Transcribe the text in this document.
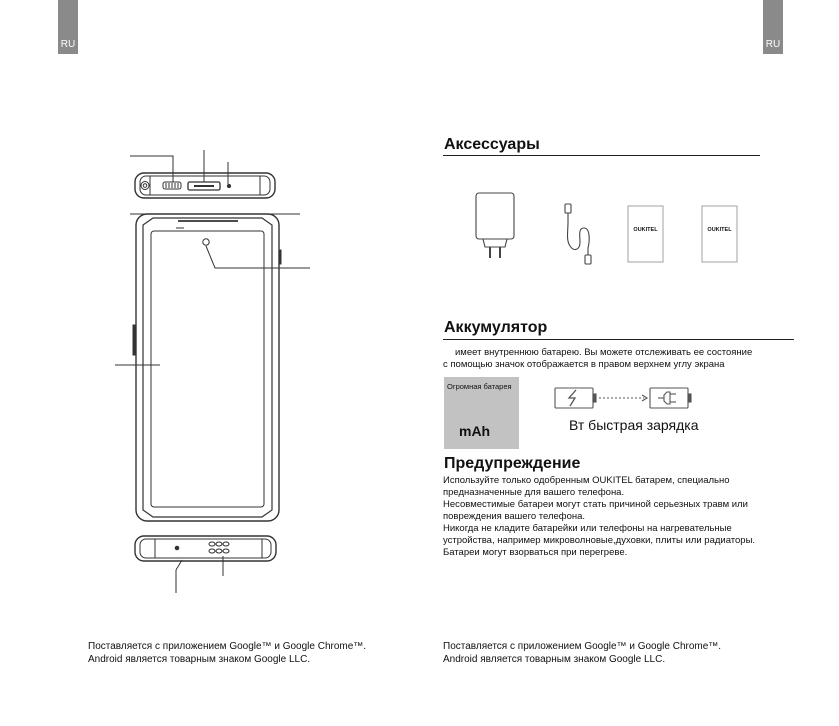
RU	RU
Аксессуары
OUKITEL	OUKITEL
Аккумулятор
имеет внутреннюю батарею. Вы можете отслеживать ее состояние
с помощью значок отображается в правом верхнем углу экрана
Огромная батарея
mAh	Вт быстрая зарядка
Предупреждение
Используйте только одобренным OUKITEL батарем, специально
предназначенные для вашего телефона.
Несовместимые батареи могут стать причиной серьезных травм или
повреждения вашего телефона.
Никогда не кладите батарейки или телефоны на нагревательные
устройства, например микроволновые,духовки, плиты или радиаторы.
Батареи могут взорваться при перегреве.
Поставляется с приложением Google™ и Google Chrome™.
Android является товарным знаком Google LLC.
Поставляется с приложением Google™ и Google Chrome™.
Android является товарным знаком Google LLC.
